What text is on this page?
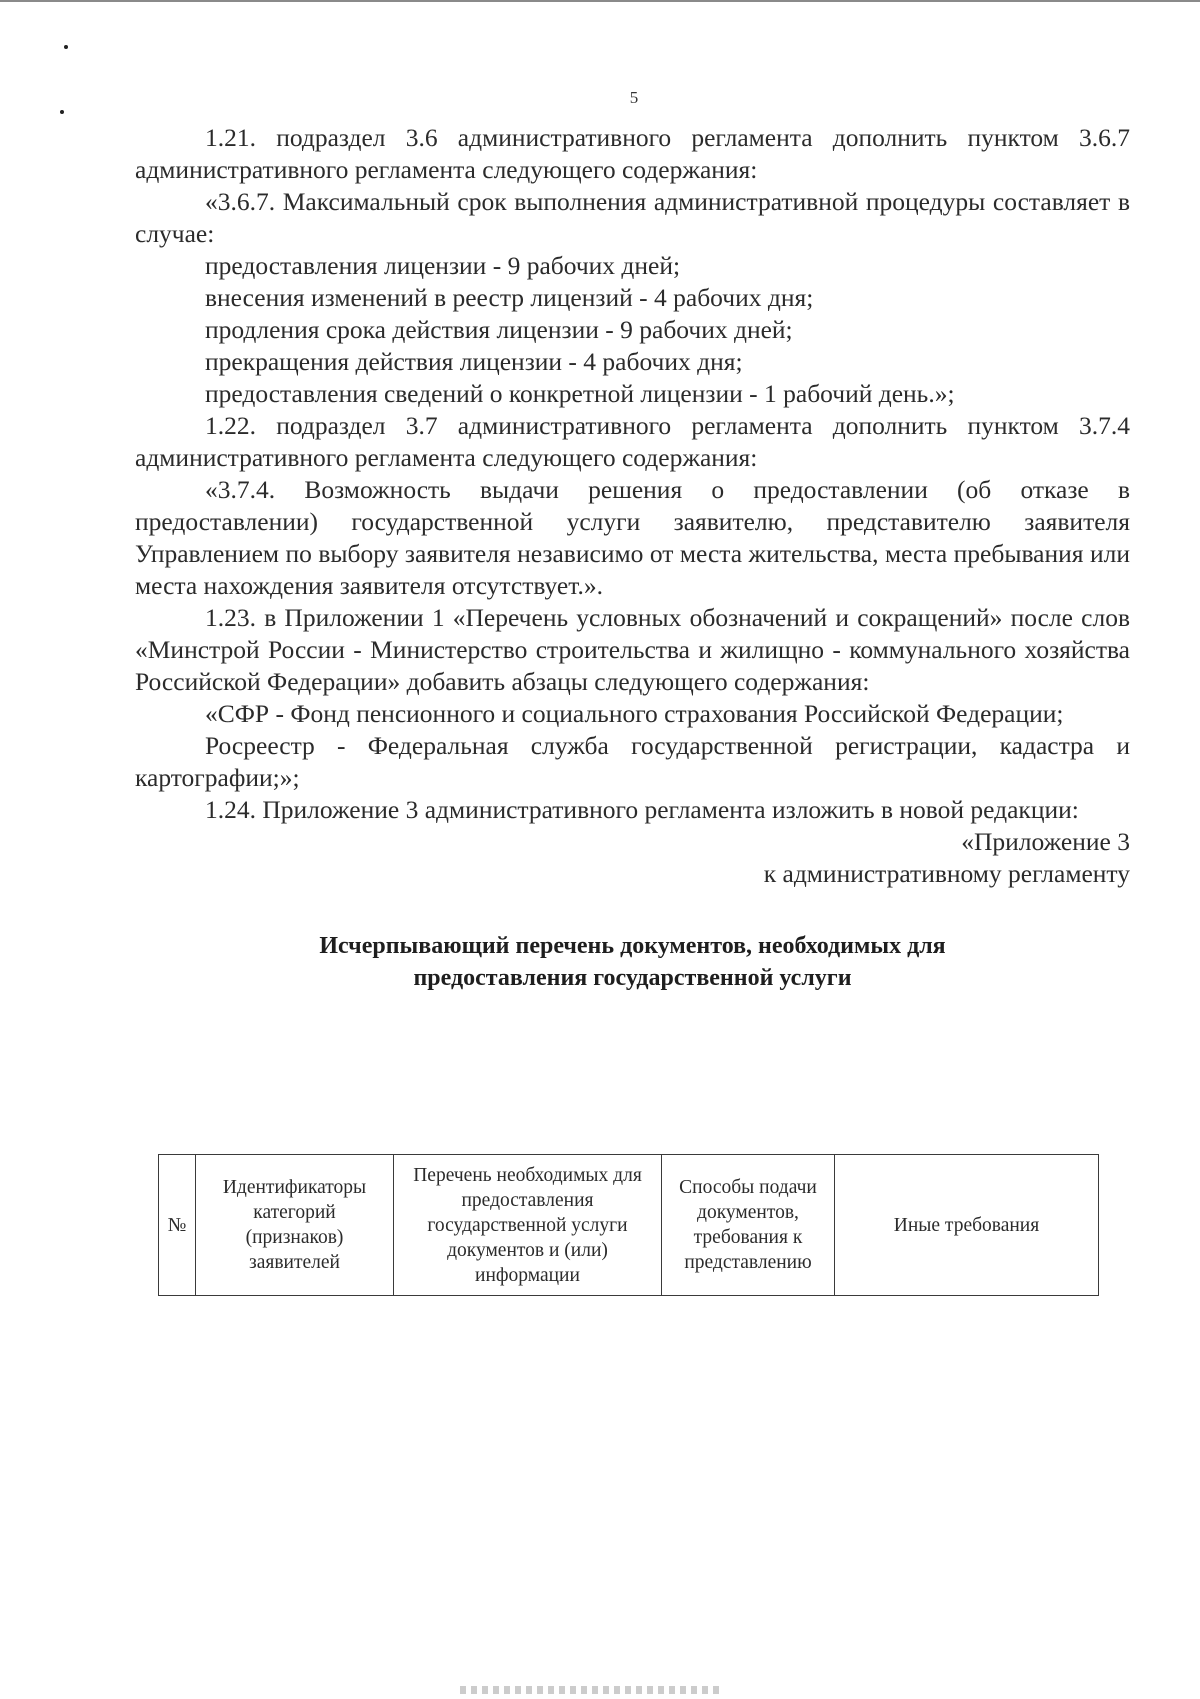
5

1.21. подраздел 3.6 административного регламента дополнить пунктом 3.6.7 административного регламента следующего содержания:

«3.6.7. Максимальный срок выполнения административной процедуры составляет в случае:

предоставления лицензии - 9 рабочих дней;
внесения изменений в реестр лицензий - 4 рабочих дня;
продления срока действия лицензии - 9 рабочих дней;
прекращения действия лицензии - 4 рабочих дня;
предоставления сведений о конкретной лицензии - 1 рабочий день.»;

1.22. подраздел 3.7 административного регламента дополнить пунктом 3.7.4 административного регламента следующего содержания:

«3.7.4. Возможность выдачи решения о предоставлении (об отказе в предоставлении) государственной услуги заявителю, представителю заявителя Управлением по выбору заявителя независимо от места жительства, места пребывания или места нахождения заявителя отсутствует.».

1.23. в Приложении 1 «Перечень условных обозначений и сокращений» после слов «Минстрой России - Министерство строительства и жилищно - коммунального хозяйства Российской Федерации» добавить абзацы следующего содержания:

«СФР - Фонд пенсионного и социального страхования Российской Федерации;

Росреестр - Федеральная служба государственной регистрации, кадастра и картографии;»;

1.24. Приложение 3 административного регламента изложить в новой редакции:

«Приложение 3
к административному регламенту
Исчерпывающий перечень документов, необходимых для
предоставления государственной услуги
№	Идентификаторы категорий (признаков) заявителей	Перечень необходимых для предоставления государственной услуги документов и (или) информации	Способы подачи документов, требования к представлению	Иные требования
